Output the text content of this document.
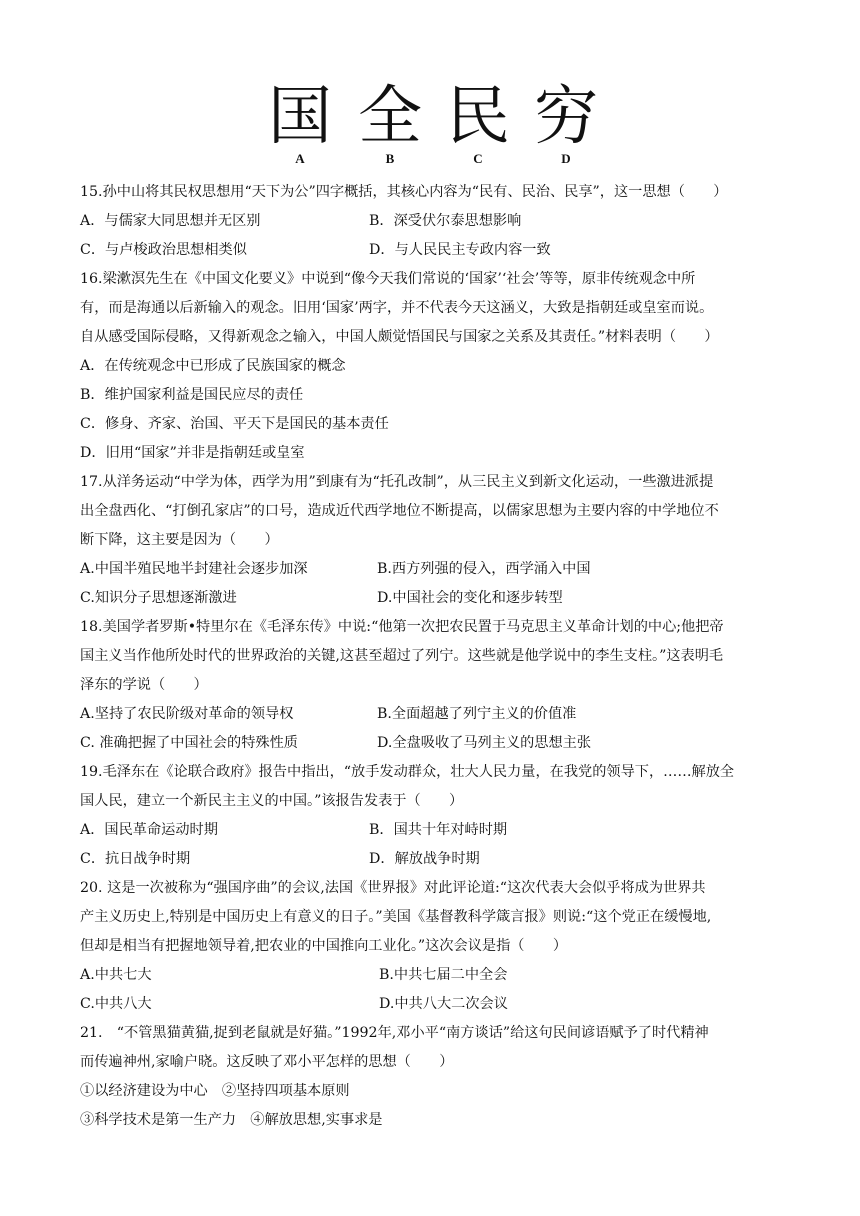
国
A
全
B
民
C
穷
D
15.孙中山将其民权思想用“天下为公”四字概括，其核心内容为“民有、民治、民享”，这一思想（　　）
A．与儒家大同思想并无区别	B．深受伏尔泰思想影响
C．与卢梭政治思想相类似	D．与人民民主专政内容一致
16.梁漱溟先生在《中国文化要义》中说到“像今天我们常说的‘国家’‘社会’等等，原非传统观念中所
有，而是海通以后新输入的观念。旧用‘国家’两字，并不代表今天这涵义，大致是指朝廷或皇室而说。
自从感受国际侵略，又得新观念之输入，中国人颇觉悟国民与国家之关系及其责任。”材料表明（　　）
A．在传统观念中已形成了民族国家的概念
B．维护国家利益是国民应尽的责任
C．修身、齐家、治国、平天下是国民的基本责任
D．旧用“国家”并非是指朝廷或皇室
17.从洋务运动“中学为体，西学为用”到康有为“托孔改制”，从三民主义到新文化运动，一些激进派提
出全盘西化、“打倒孔家店”的口号，造成近代西学地位不断提高，以儒家思想为主要内容的中学地位不
断下降，这主要是因为（　　）
A.中国半殖民地半封建社会逐步加深	B.西方列强的侵入，西学涌入中国
C.知识分子思想逐渐激进	D.中国社会的变化和逐步转型
18.美国学者罗斯•特里尔在《毛泽东传》中说:“他第一次把农民置于马克思主义革命计划的中心;他把帝
国主义当作他所处时代的世界政治的关键,这甚至超过了列宁。这些就是他学说中的李生支柱。”这表明毛
泽东的学说（　　）
A.坚持了农民阶级对革命的领导权	B.全面超越了列宁主义的价值准
C. 准确把握了中国社会的特殊性质	D.全盘吸收了马列主义的思想主张
19.毛泽东在《论联合政府》报告中指出，“放手发动群众，壮大人民力量，在我党的领导下，……解放全
国人民，建立一个新民主主义的中国。”该报告发表于（　　）
A．国民革命运动时期	B．国共十年对峙时期
C．抗日战争时期	D．解放战争时期
20. 这是一次被称为“强国序曲”的会议,法国《世界报》对此评论道:“这次代表大会似乎将成为世界共
产主义历史上,特别是中国历史上有意义的日子。”美国《基督教科学箴言报》则说:“这个党正在缓慢地,
但却是相当有把握地领导着,把农业的中国推向工业化。”这次会议是指（　　）
A.中共七大	B.中共七届二中全会
C.中共八大	D.中共八大二次会议
21.　“不管黑猫黄猫,捉到老鼠就是好猫。”1992年,邓小平“南方谈话”给这句民间谚语赋予了时代精神
而传遍神州,家喻户晓。这反映了邓小平怎样的思想（　　）
①以经济建设为中心　②坚持四项基本原则
③科学技术是第一生产力　④解放思想,实事求是
